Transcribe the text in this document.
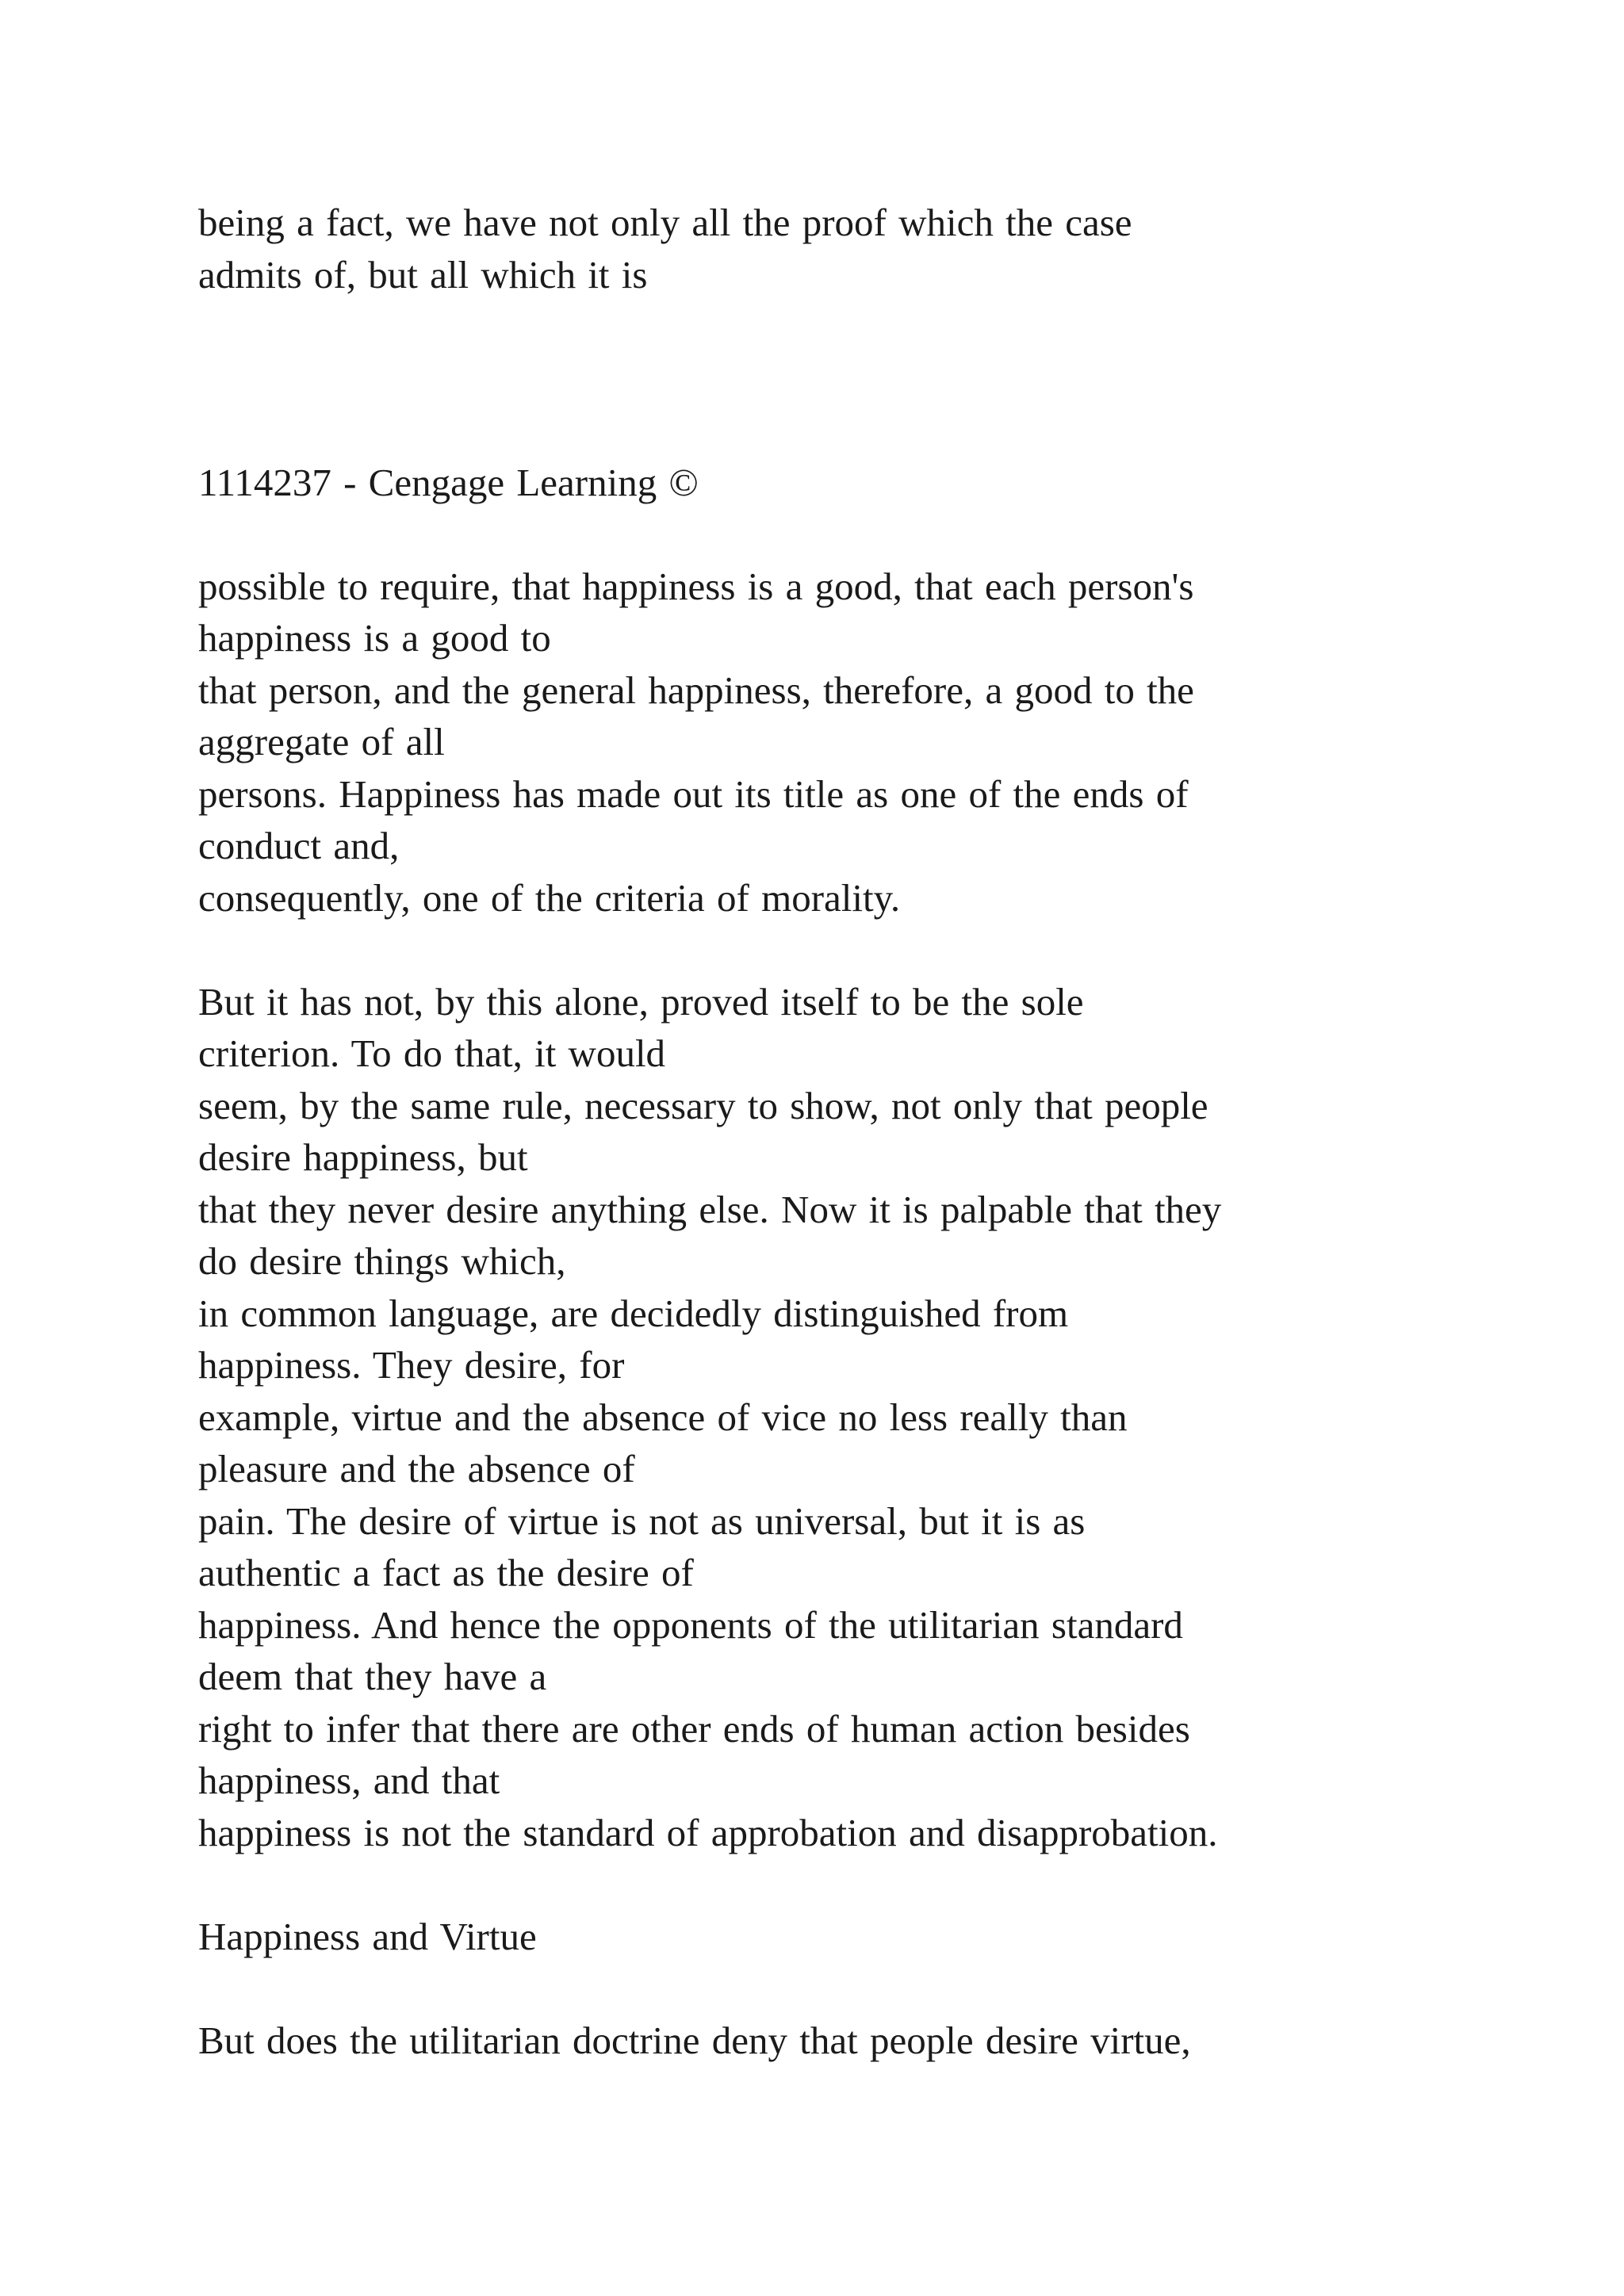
being a fact, we have not only all the proof which the case
admits of, but all which it is
1114237 - Cengage Learning ©
possible to require, that happiness is a good, that each person's
happiness is a good to
that person, and the general happiness, therefore, a good to the
aggregate of all
persons. Happiness has made out its title as one of the ends of
conduct and,
consequently, one of the criteria of morality.
But it has not, by this alone, proved itself to be the sole
criterion. To do that, it would
seem, by the same rule, necessary to show, not only that people
desire happiness, but
that they never desire anything else. Now it is palpable that they
do desire things which,
in common language, are decidedly distinguished from
happiness. They desire, for
example, virtue and the absence of vice no less really than
pleasure and the absence of
pain. The desire of virtue is not as universal, but it is as
authentic a fact as the desire of
happiness. And hence the opponents of the utilitarian standard
deem that they have a
right to infer that there are other ends of human action besides
happiness, and that
happiness is not the standard of approbation and disapprobation.
Happiness and Virtue
But does the utilitarian doctrine deny that people desire virtue,
